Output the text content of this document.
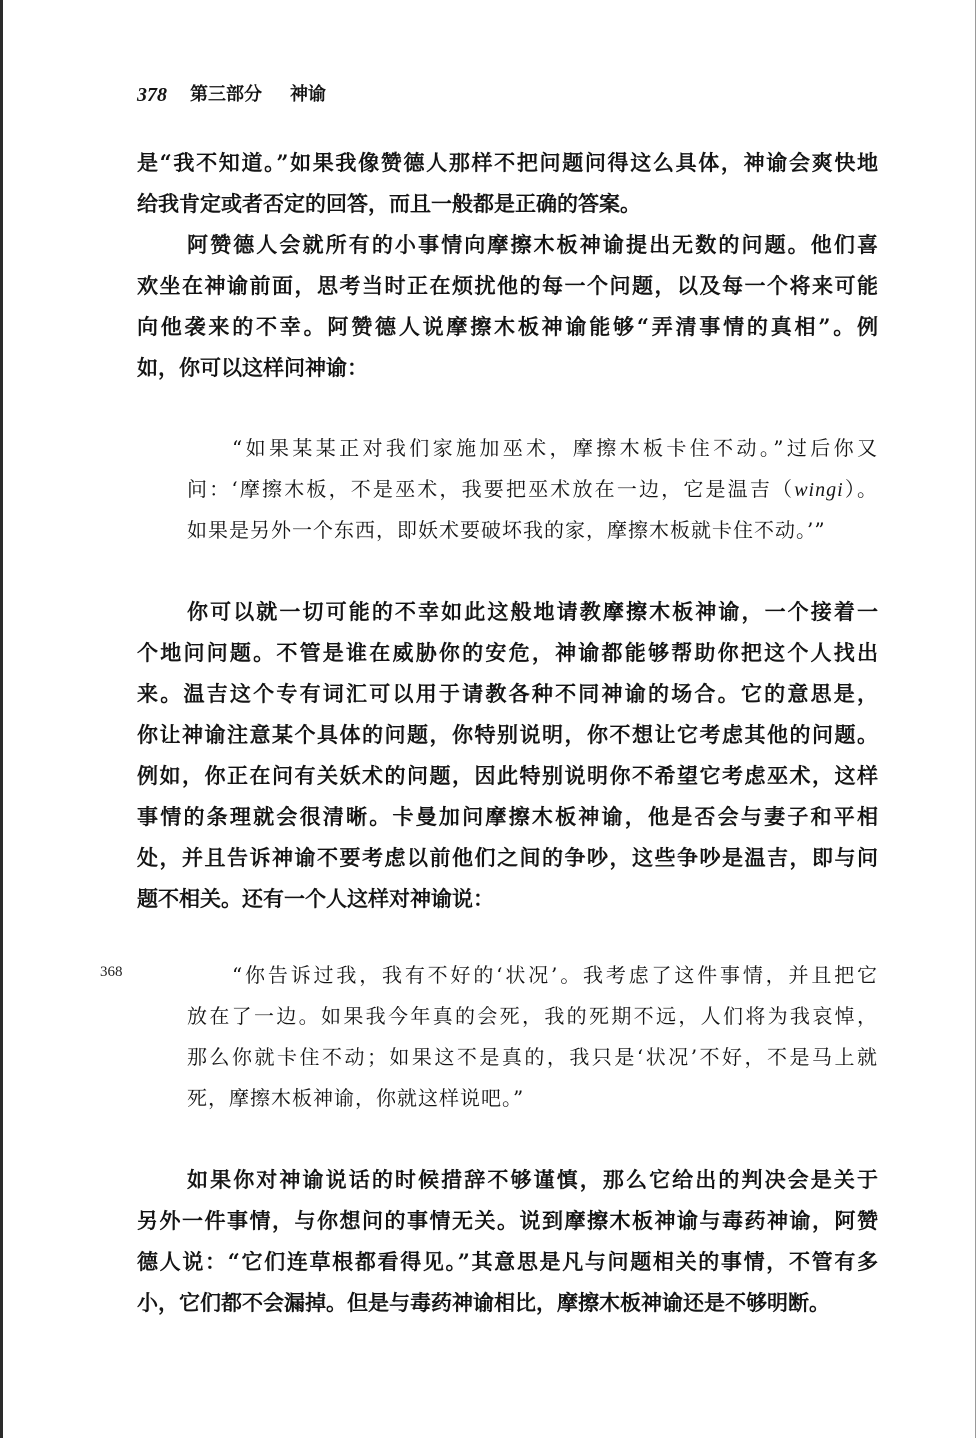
378 第三部分 神谕
368
是“我不知道。”如果我像赞德人那样不把问题问得这么具体，神谕会爽快地
给我肯定或者否定的回答，而且一般都是正确的答案。
阿赞德人会就所有的小事情向摩擦木板神谕提出无数的问题。他们喜
欢坐在神谕前面，思考当时正在烦扰他的每一个问题，以及每一个将来可能
向他袭来的不幸。阿赞德人说摩擦木板神谕能够“弄清事情的真相”。例
如，你可以这样问神谕：
“如果某某正对我们家施加巫术，摩擦木板卡住不动。”过后你又
问：‘摩擦木板，不是巫术，我要把巫术放在一边，它是温吉（wingi）。
如果是另外一个东西，即妖术要破坏我的家，摩擦木板就卡住不动。’”
你可以就一切可能的不幸如此这般地请教摩擦木板神谕，一个接着一
个地问问题。不管是谁在威胁你的安危，神谕都能够帮助你把这个人找出
来。温吉这个专有词汇可以用于请教各种不同神谕的场合。它的意思是，
你让神谕注意某个具体的问题，你特别说明，你不想让它考虑其他的问题。
例如，你正在问有关妖术的问题，因此特别说明你不希望它考虑巫术，这样
事情的条理就会很清晰。卡曼加问摩擦木板神谕，他是否会与妻子和平相
处，并且告诉神谕不要考虑以前他们之间的争吵，这些争吵是温吉，即与问
题不相关。还有一个人这样对神谕说：
“你告诉过我，我有不好的‘状况’。我考虑了这件事情，并且把它
放在了一边。如果我今年真的会死，我的死期不远，人们将为我哀悼，
那么你就卡住不动；如果这不是真的，我只是‘状况’不好，不是马上就
死，摩擦木板神谕，你就这样说吧。”
如果你对神谕说话的时候措辞不够谨慎，那么它给出的判决会是关于
另外一件事情，与你想问的事情无关。说到摩擦木板神谕与毒药神谕，阿赞
德人说：“它们连草根都看得见。”其意思是凡与问题相关的事情，不管有多
小，它们都不会漏掉。但是与毒药神谕相比，摩擦木板神谕还是不够明断。
